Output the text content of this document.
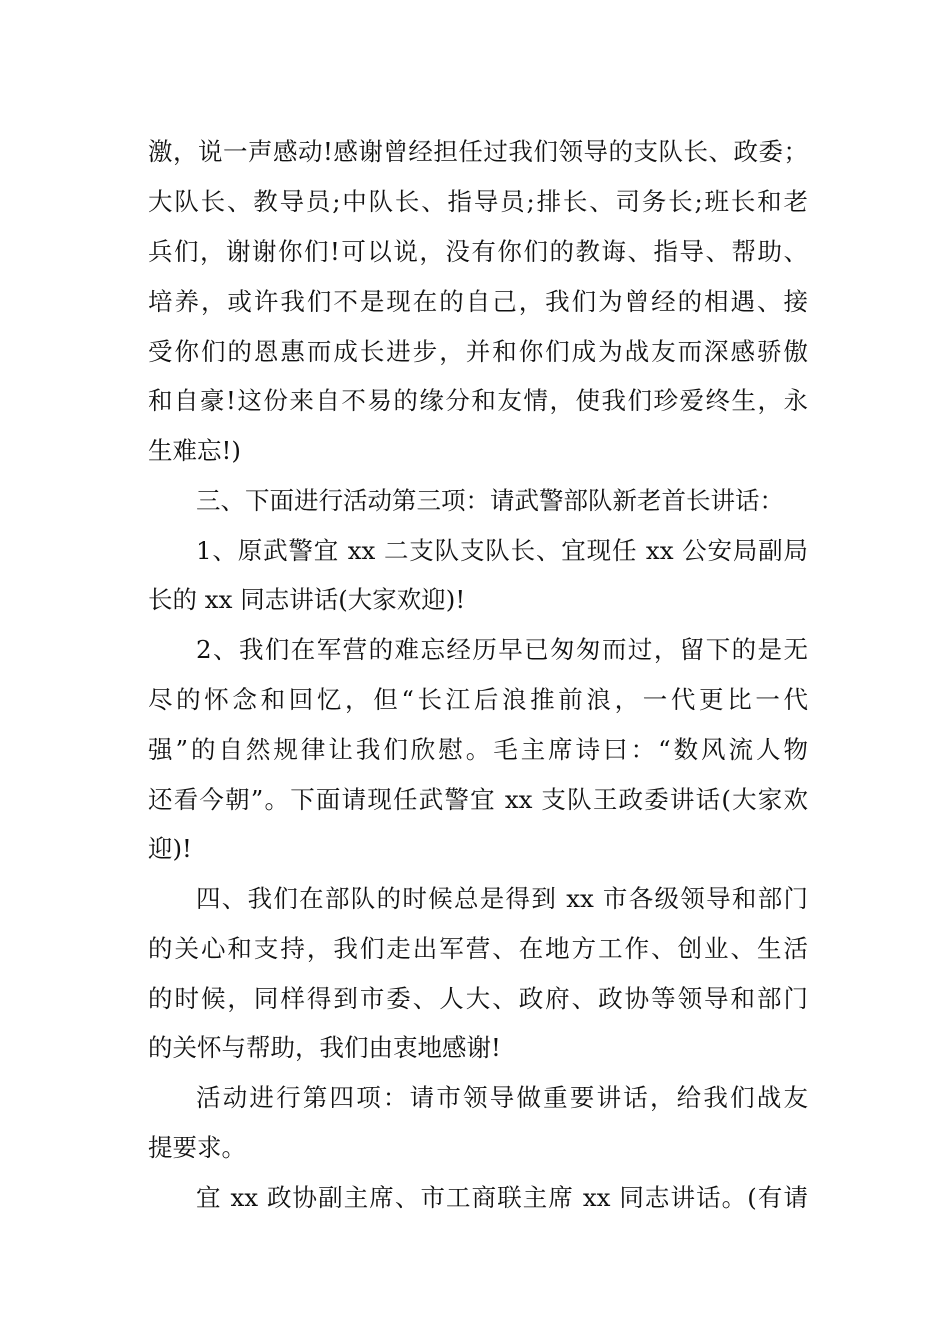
激，说一声感动!感谢曾经担任过我们领导的支队长、政委；
大队长、教导员;中队长、指导员;排长、司务长;班长和老
兵们，谢谢你们!可以说，没有你们的教诲、指导、帮助、
培养，或许我们不是现在的自己，我们为曾经的相遇、接
受你们的恩惠而成长进步，并和你们成为战友而深感骄傲
和自豪!这份来自不易的缘分和友情，使我们珍爱终生，永
生难忘!)
三、下面进行活动第三项：请武警部队新老首长讲话：
1、原武警宜 xx 二支队支队长、宜现任 xx 公安局副局
长的 xx 同志讲话(大家欢迎)!
2、我们在军营的难忘经历早已匆匆而过，留下的是无
尽的怀念和回忆，但“长江后浪推前浪，一代更比一代
强”的自然规律让我们欣慰。毛主席诗曰：“数风流人物
还看今朝”。下面请现任武警宜 xx 支队王政委讲话(大家欢
迎)!
四、我们在部队的时候总是得到 xx 市各级领导和部门
的关心和支持，我们走出军营、在地方工作、创业、生活
的时候，同样得到市委、人大、政府、政协等领导和部门
的关怀与帮助，我们由衷地感谢!
活动进行第四项：请市领导做重要讲话，给我们战友
提要求。
宜 xx 政协副主席、市工商联主席 xx 同志讲话。(有请
